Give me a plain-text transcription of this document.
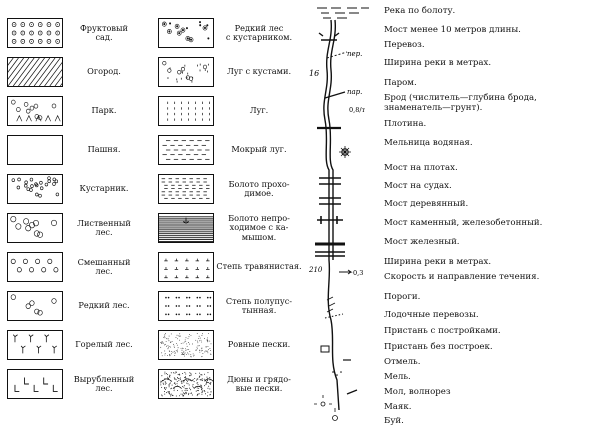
Фруктовый
сад.
Огород.
Парк.
Пашня.
Кустарник.
Лиственный
лес.
Смешанный
лес.
Редкий лес.
Горелый лес.
Вырубленный
лес.
Редкий лес
с кустарником.
Луг с кустами.
Луг.
Мокрый луг.
Болото прохо-
димое.
Болото непро-
ходимое с ка-
мышом.
Степь травянистая.
Степь полупус-
тынная.
Ровные пески.
Дюны и грядо-
вые пески.
пер.
16
пар.
0,8/т
210	0,3
Река по болоту.
Мост менее 10 метров длины.
Перевоз.
Ширина реки в метрах.
Паром.
Брод (числитель—глубина брода, знаменатель—грунт).
Плотина.
Мельница водяная.
Мост на плотах.
Мост на судах.
Мост деревянный.
Мост каменный, железобетонный.
Мост железный.
Ширина реки в метрах.
Скорость и направление течения.
Пороги.
Лодочные перевозы.
Пристань с постройками.
Пристань без построек.
Отмель.
Мель.
Мол, волнорез
Маяк.
Буй.
